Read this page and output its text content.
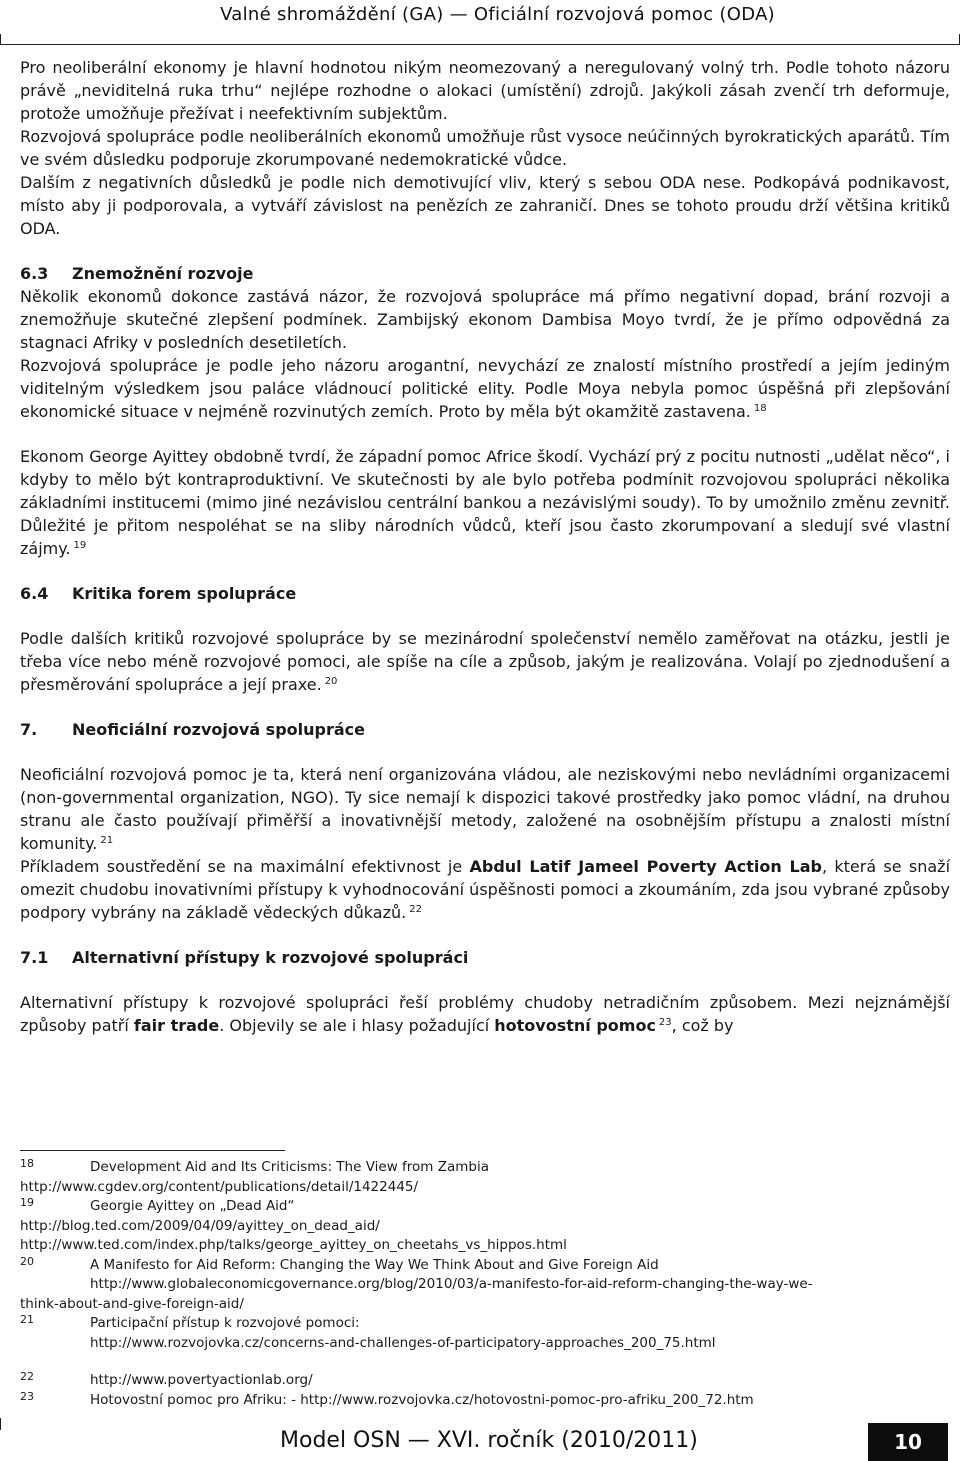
Valné shromáždění (GA) — Oficiální rozvojová pomoc (ODA)

Pro neoliberální ekonomy je hlavní hodnotou nikým neomezovaný a neregulovaný volný trh. Podle tohoto názoru právě „neviditelná ruka trhu“ nejlépe rozhodne o alokaci (umístění) zdrojů. Jakýkoli zásah zvenčí trh deformuje, protože umožňuje přežívat i neefektivním subjektům.

Rozvojová spolupráce podle neoliberálních ekonomů umožňuje růst vysoce neúčinných byrokratických aparátů. Tím ve svém důsledku podporuje zkorumpované nedemokratické vůdce.

Dalším z negativních důsledků je podle nich demotivující vliv, který s sebou ODA nese. Podkopává podnikavost, místo aby ji podporovala, a vytváří závislost na penězích ze zahraničí. Dnes se tohoto proudu drží většina kritiků ODA.

6.3 Znemožnění rozvoje

Několik ekonomů dokonce zastává názor, že rozvojová spolupráce má přímo negativní dopad, brání rozvoji a znemožňuje skutečné zlepšení podmínek. Zambijský ekonom Dambisa Moyo tvrdí, že je přímo odpovědná za stagnaci Afriky v posledních desetiletích.

Rozvojová spolupráce je podle jeho názoru arogantní, nevychází ze znalostí místního prostředí a jejím jediným viditelným výsledkem jsou paláce vládnoucí politické elity. Podle Moya nebyla pomoc úspěšná při zlepšování ekonomické situace v nejméně rozvinutých zemích. Proto by měla být okamžitě zastavena. $^{18}$

Ekonom George Ayittey obdobně tvrdí, že západní pomoc Africe škodí. Vychází prý z pocitu nutnosti „udělat něco“, i kdyby to mělo být kontraproduktivní. Ve skutečnosti by ale bylo potřeba podmínit rozvojovou spolupráci několika základními institucemi (mimo jiné nezávislou centrální bankou a nezávislými soudy). To by umožnilo změnu zevnitř. Důležité je přitom nespoléhat se na sliby národních vůdců, kteří jsou často zkorumpovaní a sledují své vlastní zájmy. $^{19}$

6.4 Kritika forem spolupráce

Podle dalších kritiků rozvojové spolupráce by se mezinárodní společenství nemělo zaměřovat na otázku, jestli je třeba více nebo méně rozvojové pomoci, ale spíše na cíle a způsob, jakým je realizována. Volají po zjednodušení a přesměrování spolupráce a její praxe. $^{20}$

7. Neoficiální rozvojová spolupráce

Neoficiální rozvojová pomoc je ta, která není organizována vládou, ale neziskovými nebo nevládními organizacemi (non-governmental organization, NGO). Ty sice nemají k dispozici takové prostředky jako pomoc vládní, na druhou stranu ale často používají přiměřší a inovativnější metody, založené na osobnějším přístupu a znalosti místní komunity. $^{21}$

Příkladem soustředění se na maximální efektivnost je Abdul Latif Jameel Poverty Action Lab, která se snaží omezit chudobu inovativními přístupy k vyhodnocování úspěšnosti pomoci a zkoumáním, zda jsou vybrané způsoby podpory vybrány na základě vědeckých důkazů. $^{22}$

7.1 Alternativní přístupy k rozvojové spolupráci

Alternativní přístupy k rozvojové spolupráci řeší problémy chudoby netradičním způsobem. Mezi nejznámější způsoby patří fair trade. Objevily se ale i hlasy požadující hotovostní pomoc $^{23}$, což by

18	Development Aid and Its Criticisms: The View from Zambia
http://www.cgdev.org/content/publications/detail/1422445/
19	Georgie Ayittey on „Dead Aid“
http://blog.ted.com/2009/04/09/ayittey_on_dead_aid/
http://www.ted.com/index.php/talks/george_ayittey_on_cheetahs_vs_hippos.html
20	A Manifesto for Aid Reform: Changing the Way We Think About and Give Foreign Aid
http://www.globaleconomicgovernance.org/blog/2010/03/a-manifesto-for-aid-reform-changing-the-way-we-
think-about-and-give-foreign-aid/
21	Participační přístup k rozvojové pomoci:
http://www.rozvojovka.cz/concerns-and-challenges-of-participatory-approaches_200_75.html
22	http://www.povertyactionlab.org/
23	Hotovostní pomoc pro Afriku: - http://www.rozvojovka.cz/hotovostni-pomoc-pro-afriku_200_72.htm
Model OSN — XVI. ročník (2010/2011)	10
